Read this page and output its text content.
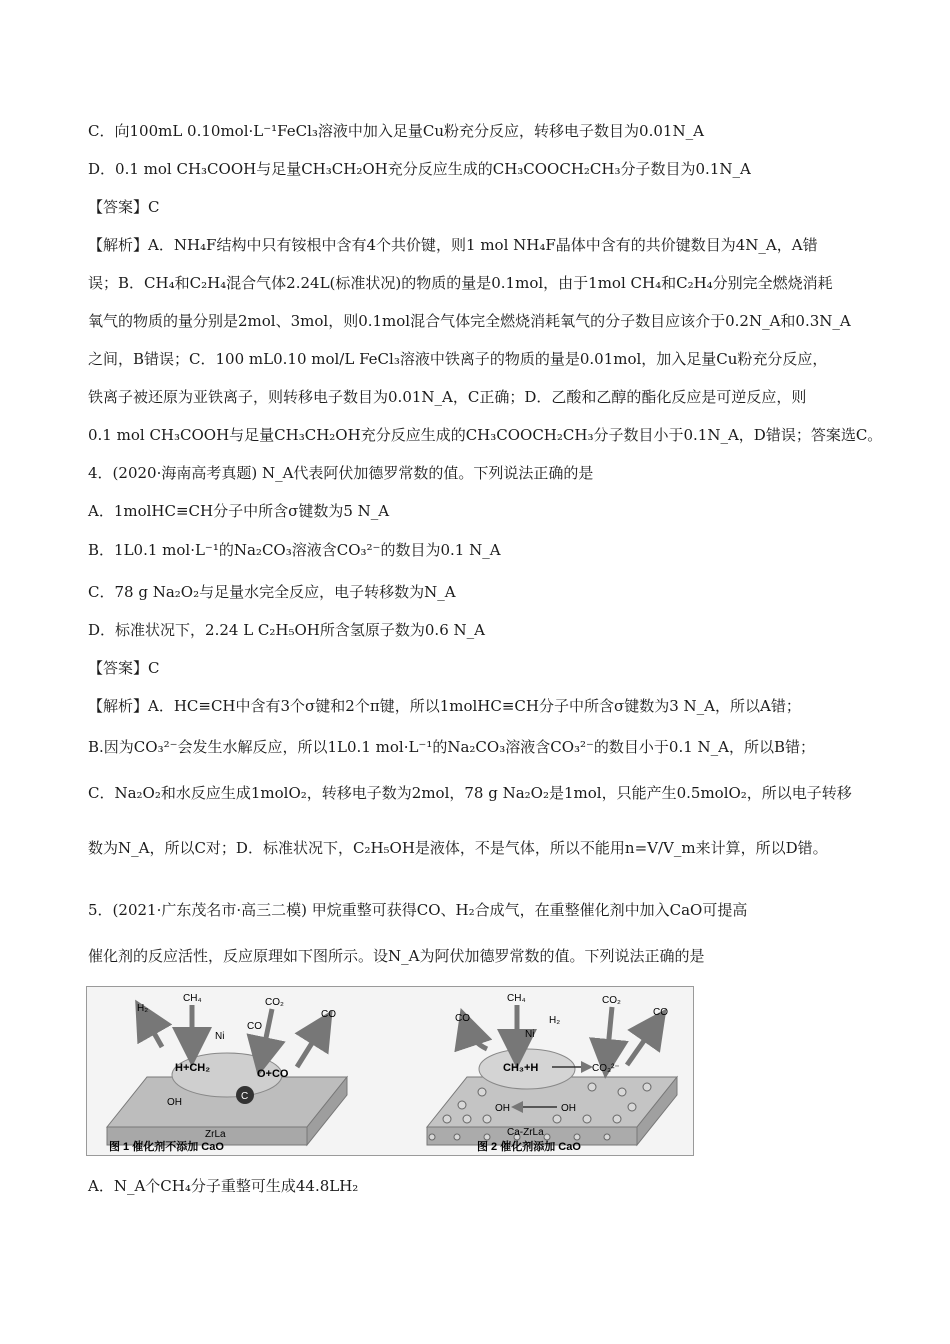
C．向100mL 0.10mol·L⁻¹FeCl₃溶液中加入足量Cu粉充分反应，转移电子数目为0.01N_A
D．0.1 mol CH₃COOH与足量CH₃CH₂OH充分反应生成的CH₃COOCH₂CH₃分子数目为0.1N_A
【答案】C
【解析】A．NH₄F结构中只有铵根中含有4个共价键，则1 mol NH₄F晶体中含有的共价键数目为4N_A，A错
误；B．CH₄和C₂H₄混合气体2.24L(标准状况)的物质的量是0.1mol，由于1mol CH₄和C₂H₄分别完全燃烧消耗
氧气的物质的量分别是2mol、3mol，则0.1mol混合气体完全燃烧消耗氧气的分子数目应该介于0.2N_A和0.3N_A
之间，B错误；C．100 mL0.10 mol/L FeCl₃溶液中铁离子的物质的量是0.01mol，加入足量Cu粉充分反应，
铁离子被还原为亚铁离子，则转移电子数目为0.01N_A，C正确；D．乙酸和乙醇的酯化反应是可逆反应，则
0.1 mol CH₃COOH与足量CH₃CH₂OH充分反应生成的CH₃COOCH₂CH₃分子数目小于0.1N_A，D错误；答案选C。
4．(2020·海南高考真题) N_A代表阿伏加德罗常数的值。下列说法正确的是
A．1molHC≡CH分子中所含σ键数为5 N_A
B．1L0.1 mol·L⁻¹的Na₂CO₃溶液含CO₃²⁻的数目为0.1 N_A
C．78 g Na₂O₂与足量水完全反应，电子转移数为N_A
D．标准状况下，2.24 L C₂H₅OH所含氢原子数为0.6 N_A
【答案】C
【解析】A．HC≡CH中含有3个σ键和2个π键，所以1molHC≡CH分子中所含σ键数为3 N_A，所以A错；
B.因为CO₃²⁻会发生水解反应，所以1L0.1 mol·L⁻¹的Na₂CO₃溶液含CO₃²⁻的数目小于0.1 N_A，所以B错；
C．Na₂O₂和水反应生成1molO₂，转移电子数为2mol，78 g Na₂O₂是1mol，只能产生0.5molO₂，所以电子转移
数为N_A，所以C对；D．标准状况下，C₂H₅OH是液体，不是气体，所以不能用n=V/V_m来计算，所以D错。
5．(2021·广东茂名市·高三二模) 甲烷重整可获得CO、H₂合成气，在重整催化剂中加入CaO可提高
催化剂的反应活性，反应原理如下图所示。设N_A为阿伏加德罗常数的值。下列说法正确的是
H₂
CH₄	CO₂
CO
CO
Ni
H+CH₂	O+CO
OH
C
ZrLa
图 1 催化剂不添加 CaO
CH₄
H₂
CO₂
CO
CO
Ni
CH₃+H	CO₃²⁻
OH	OH
Ca-ZrLa
图 2 催化剂添加 CaO
A．N_A个CH₄分子重整可生成44.8LH₂
